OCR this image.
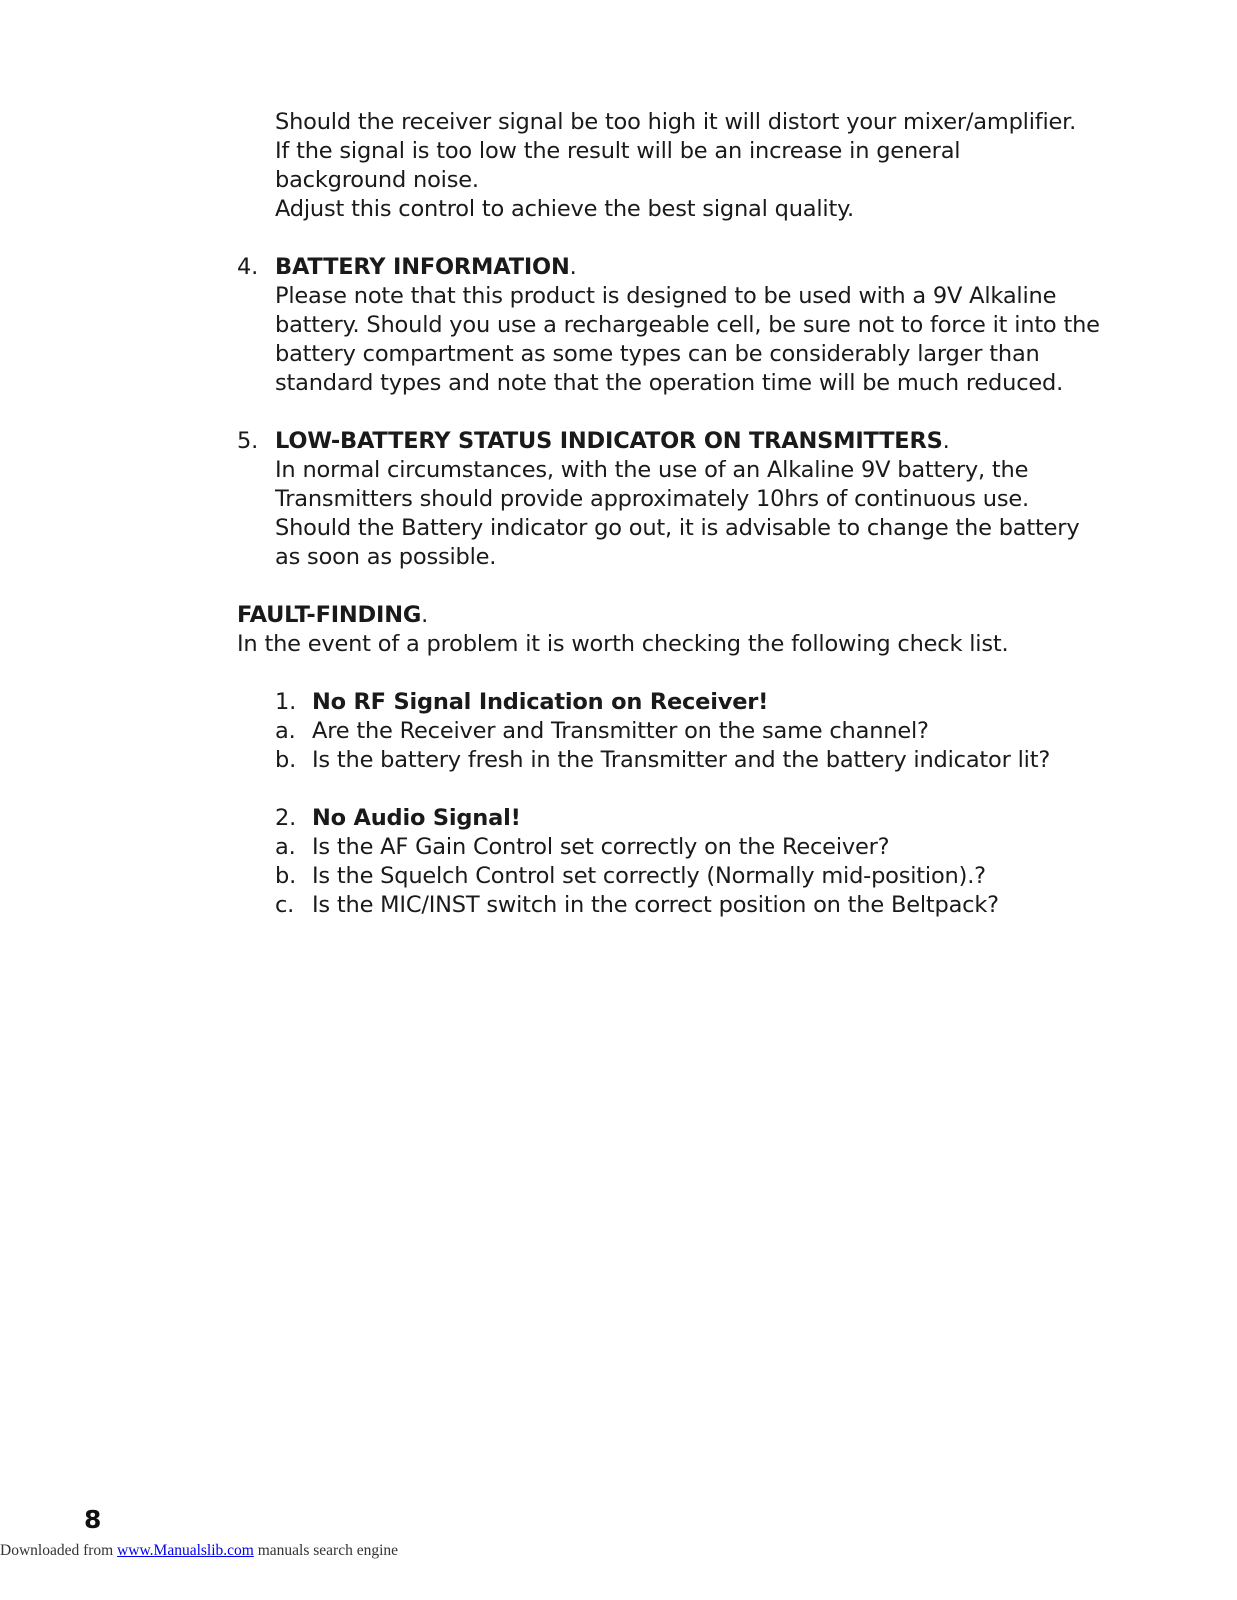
Should the receiver signal be too high it will distort your mixer/amplifier.
If the signal is too low the result will be an increase in general
background noise.
Adjust this control to achieve the best signal quality.
4. BATTERY INFORMATION.
Please note that this product is designed to be used with a 9V Alkaline
battery. Should you use a rechargeable cell, be sure not to force it into the
battery compartment as some types can be considerably larger than
standard types and note that the operation time will be much reduced.
5. LOW-BATTERY STATUS INDICATOR ON TRANSMITTERS.
In normal circumstances, with the use of an Alkaline 9V battery, the
Transmitters should provide approximately 10hrs of continuous use.
Should the Battery indicator go out, it is advisable to change the battery
as soon as possible.
FAULT-FINDING.
In the event of a problem it is worth checking the following check list.
1. No RF Signal Indication on Receiver!
a. Are the Receiver and Transmitter on the same channel?
b. Is the battery fresh in the Transmitter and the battery indicator lit?
2. No Audio Signal!
a. Is the AF Gain Control set correctly on the Receiver?
b. Is the Squelch Control set correctly (Normally mid-position).?
c. Is the MIC/INST switch in the correct position on the Beltpack?
8
Downloaded from www.Manualslib.com manuals search engine
